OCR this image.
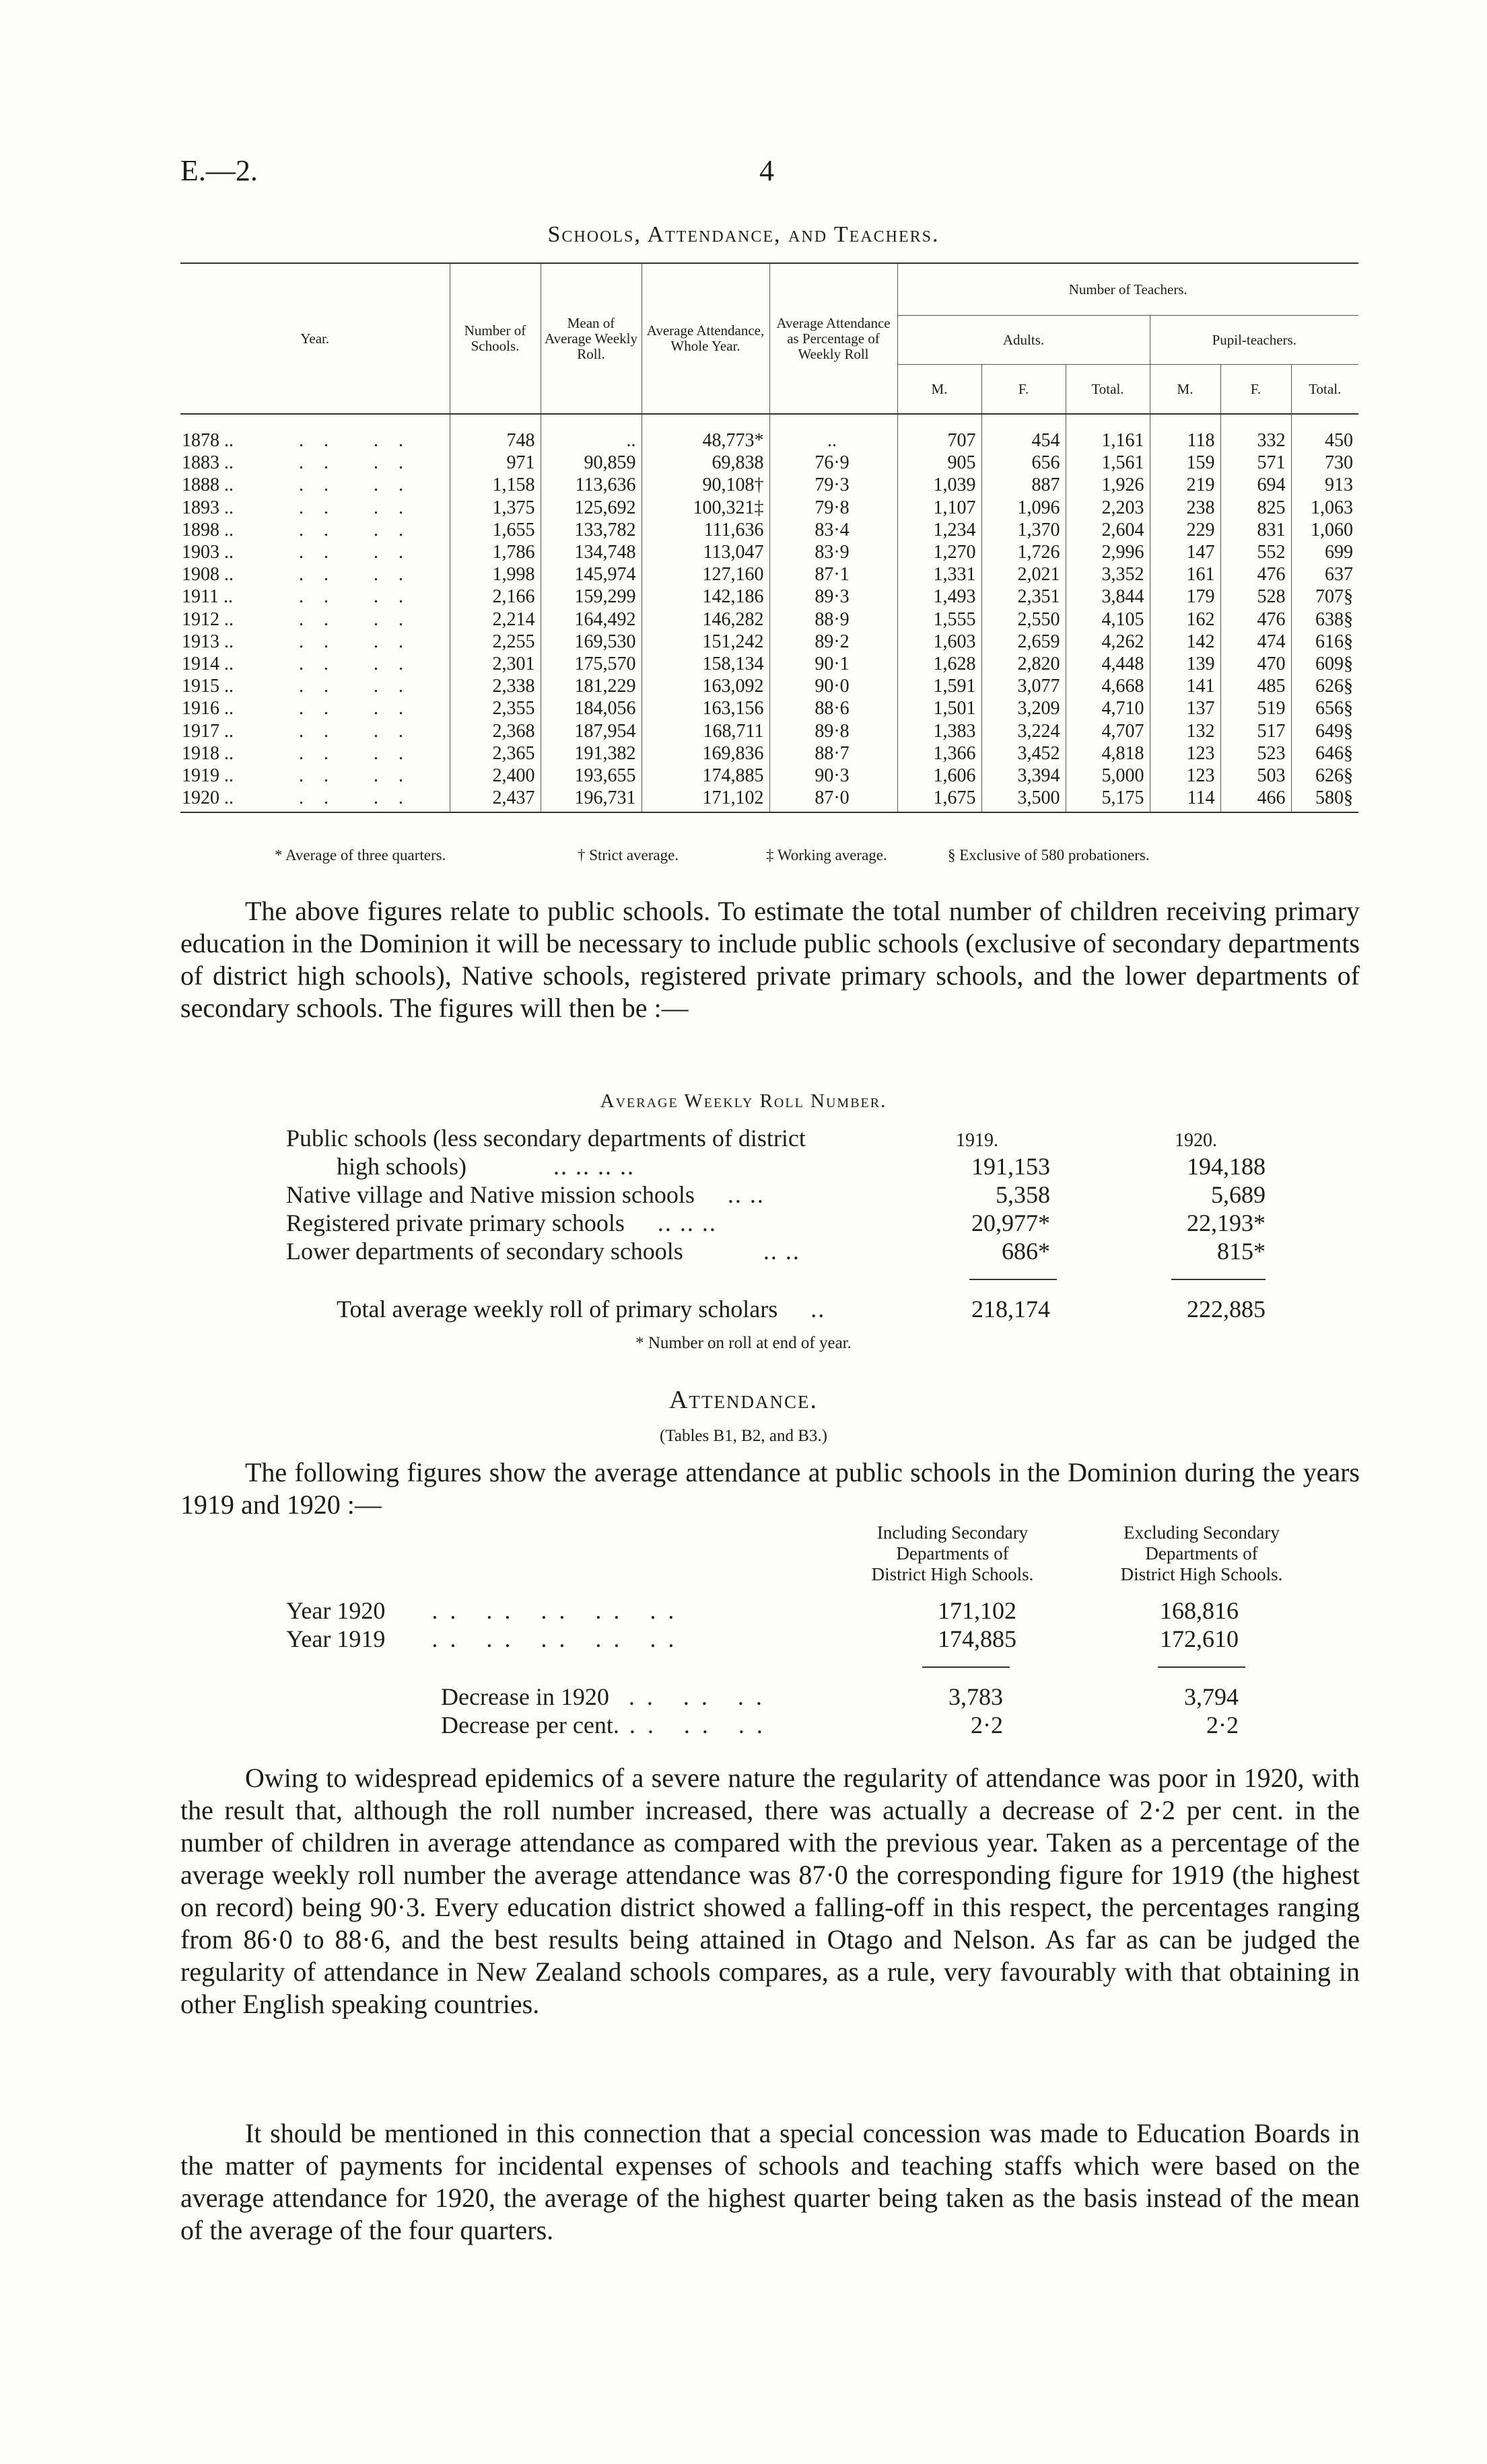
E.—2.	4
Schools, Attendance, and Teachers.
Year.	Number of Schools.	Mean of Average Weekly Roll.	Average Attendance, Whole Year.	Average Attendance as Percentage of Weekly Roll	Number of Teachers.					
					Adults.			Pupil-teachers.		
					M.	F.	Total.	M.	F.	Total.
1878 .. .. ..	748	..	48,773*	..	707	454	1,161	118	332	450
1883 .. .. ..	971	90,859	69,838	76·9	905	656	1,561	159	571	730
1888 .. .. ..	1,158	113,636	90,108†	79·3	1,039	887	1,926	219	694	913
1893 .. .. ..	1,375	125,692	100,321‡	79·8	1,107	1,096	2,203	238	825	1,063
1898 .. .. ..	1,655	133,782	111,636	83·4	1,234	1,370	2,604	229	831	1,060
1903 .. .. ..	1,786	134,748	113,047	83·9	1,270	1,726	2,996	147	552	699
1908 .. .. ..	1,998	145,974	127,160	87·1	1,331	2,021	3,352	161	476	637
1911 .. .. ..	2,166	159,299	142,186	89·3	1,493	2,351	3,844	179	528	707§
1912 .. .. ..	2,214	164,492	146,282	88·9	1,555	2,550	4,105	162	476	638§
1913 .. .. ..	2,255	169,530	151,242	89·2	1,603	2,659	4,262	142	474	616§
1914 .. .. ..	2,301	175,570	158,134	90·1	1,628	2,820	4,448	139	470	609§
1915 .. .. ..	2,338	181,229	163,092	90·0	1,591	3,077	4,668	141	485	626§
1916 .. .. ..	2,355	184,056	163,156	88·6	1,501	3,209	4,710	137	519	656§
1917 .. .. ..	2,368	187,954	168,711	89·8	1,383	3,224	4,707	132	517	649§
1918 .. .. ..	2,365	191,382	169,836	88·7	1,366	3,452	4,818	123	523	646§
1919 .. .. ..	2,400	193,655	174,885	90·3	1,606	3,394	5,000	123	503	626§
1920 .. .. ..	2,437	196,731	171,102	87·0	1,675	3,500	5,175	114	466	580§
* Average of three quarters.	† Strict average.	‡ Working average.	§ Exclusive of 580 probationers.

The above figures relate to public schools. To estimate the total number of children receiving primary education in the Dominion it will be necessary to include public schools (exclusive of secondary departments of district high schools), Native schools, registered private primary schools, and the lower departments of secondary schools. The figures will then be :—

Average Weekly Roll Number.
1919.	1920.
Public schools (less secondary departments of district
high schools)	.. .. .. ..	191,153	194,188
Native village and Native mission schools .. ..	5,358	5,689
Registered private primary schools .. .. ..	20,977*	22,193*
Lower departments of secondary schools	.. ..	686*	815*
Total average weekly roll of primary scholars ..	218,174	222,885
* Number on roll at end of year.
Attendance.
(Tables B1, B2, and B3.)

The following figures show the average attendance at public schools in the Dominion during the years 1919 and 1920 :—

Including Secondary
Departments of
District High Schools.
Excluding Secondary
Departments of
District High Schools.
Year 1920 .. .. .. .. ..	171,102	168,816
Year 1919 .. .. .. .. ..	174,885	172,610
Decrease in 1920 .. .. ..	3,783	3,794
Decrease per cent. .. .. ..	2·2	2·2

Owing to widespread epidemics of a severe nature the regularity of attendance was poor in 1920, with the result that, although the roll number increased, there was actually a decrease of 2·2 per cent. in the number of children in average attendance as compared with the previous year. Taken as a percentage of the average weekly roll number the average attendance was 87·0 the corresponding figure for 1919 (the highest on record) being 90·3. Every education district showed a falling-off in this respect, the percentages ranging from 86·0 to 88·6, and the best results being attained in Otago and Nelson. As far as can be judged the regularity of attendance in New Zealand schools compares, as a rule, very favourably with that obtaining in other English speaking countries.

It should be mentioned in this connection that a special concession was made to Education Boards in the matter of payments for incidental expenses of schools and teaching staffs which were based on the average attendance for 1920, the average of the highest quarter being taken as the basis instead of the mean of the average of the four quarters.
